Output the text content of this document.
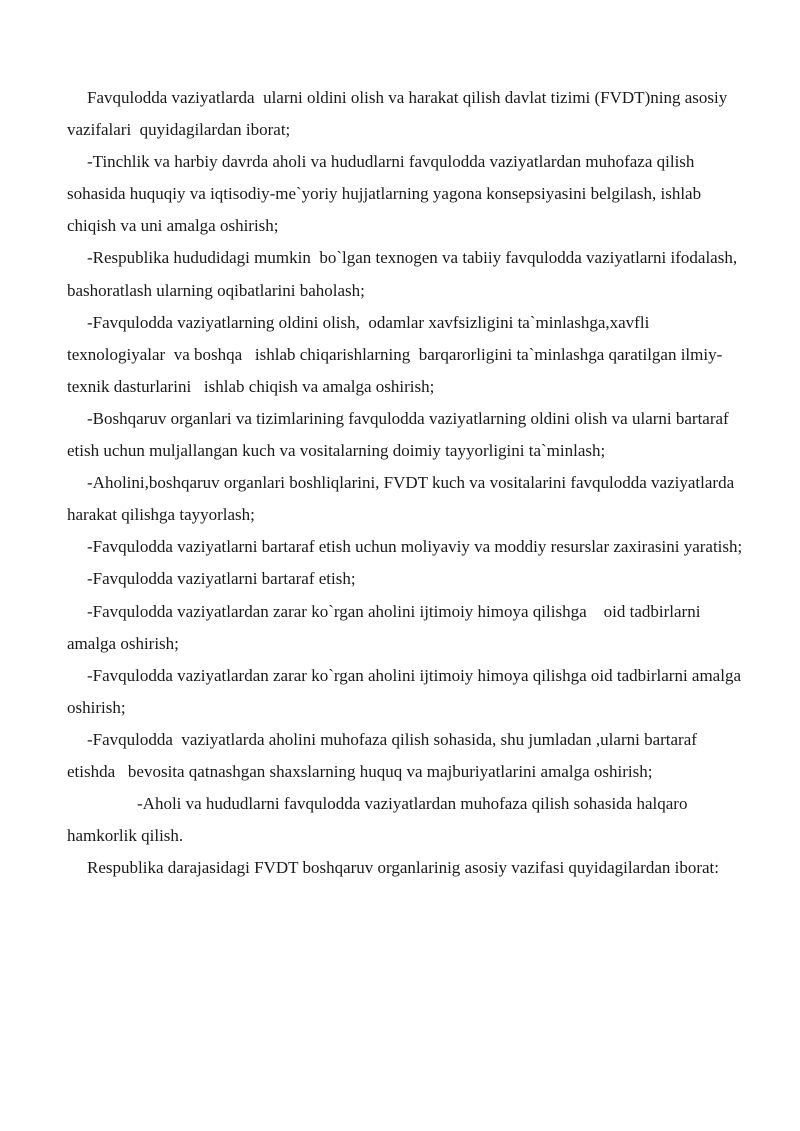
Favqulodda vaziyatlarda  ularni oldini olish va harakat qilish davlat tizimi (FVDT)ning asosiy vazifalari  quyidagilardan iborat;

-Tinchlik va harbiy davrda aholi va hududlarni favqulodda vaziyatlardan muhofaza qilish sohasida huquqiy va iqtisodiy-me`yoriy hujjatlarning yagona konsepsiyasini belgilash, ishlab chiqish va uni amalga oshirish;

-Respublika hududidagi mumkin  bo`lgan texnogen va tabiiy favqulodda vaziyatlarni ifodalash, bashoratlash ularning oqibatlarini baholash;

-Favqulodda vaziyatlarning oldini olish,  odamlar xavfsizligini ta`minlashga,xavfli texnologiyalar  va boshqa   ishlab chiqarishlarning  barqarorligini ta`minlashga qaratilgan ilmiy-texnik dasturlarini   ishlab chiqish va amalga oshirish;

-Boshqaruv organlari va tizimlarining favqulodda vaziyatlarning oldini olish va ularni bartaraf etish uchun muljallangan kuch va vositalarning doimiy tayyorligini ta`minlash;

-Aholini,boshqaruv organlari boshliqlarini, FVDT kuch va vositalarini favqulodda vaziyatlarda harakat qilishga tayyorlash;

-Favqulodda vaziyatlarni bartaraf etish uchun moliyaviy va moddiy resurslar zaxirasini yaratish;

-Favqulodda vaziyatlarni bartaraf etish;

-Favqulodda vaziyatlardan zarar ko`rgan aholini ijtimoiy himoya qilishga    oid tadbirlarni amalga oshirish;

-Favqulodda vaziyatlardan zarar ko`rgan aholini ijtimoiy himoya qilishga oid tadbirlarni amalga oshirish;

-Favqulodda  vaziyatlarda aholini muhofaza qilish sohasida, shu jumladan ,ularni bartaraf etishda   bevosita qatnashgan shaxslarning huquq va majburiyatlarini amalga oshirish;

-Aholi va hududlarni favqulodda vaziyatlardan muhofaza qilish sohasida halqaro hamkorlik qilish.

Respublika darajasidagi FVDT boshqaruv organlarinig asosiy vazifasi quyidagilardan iborat:
